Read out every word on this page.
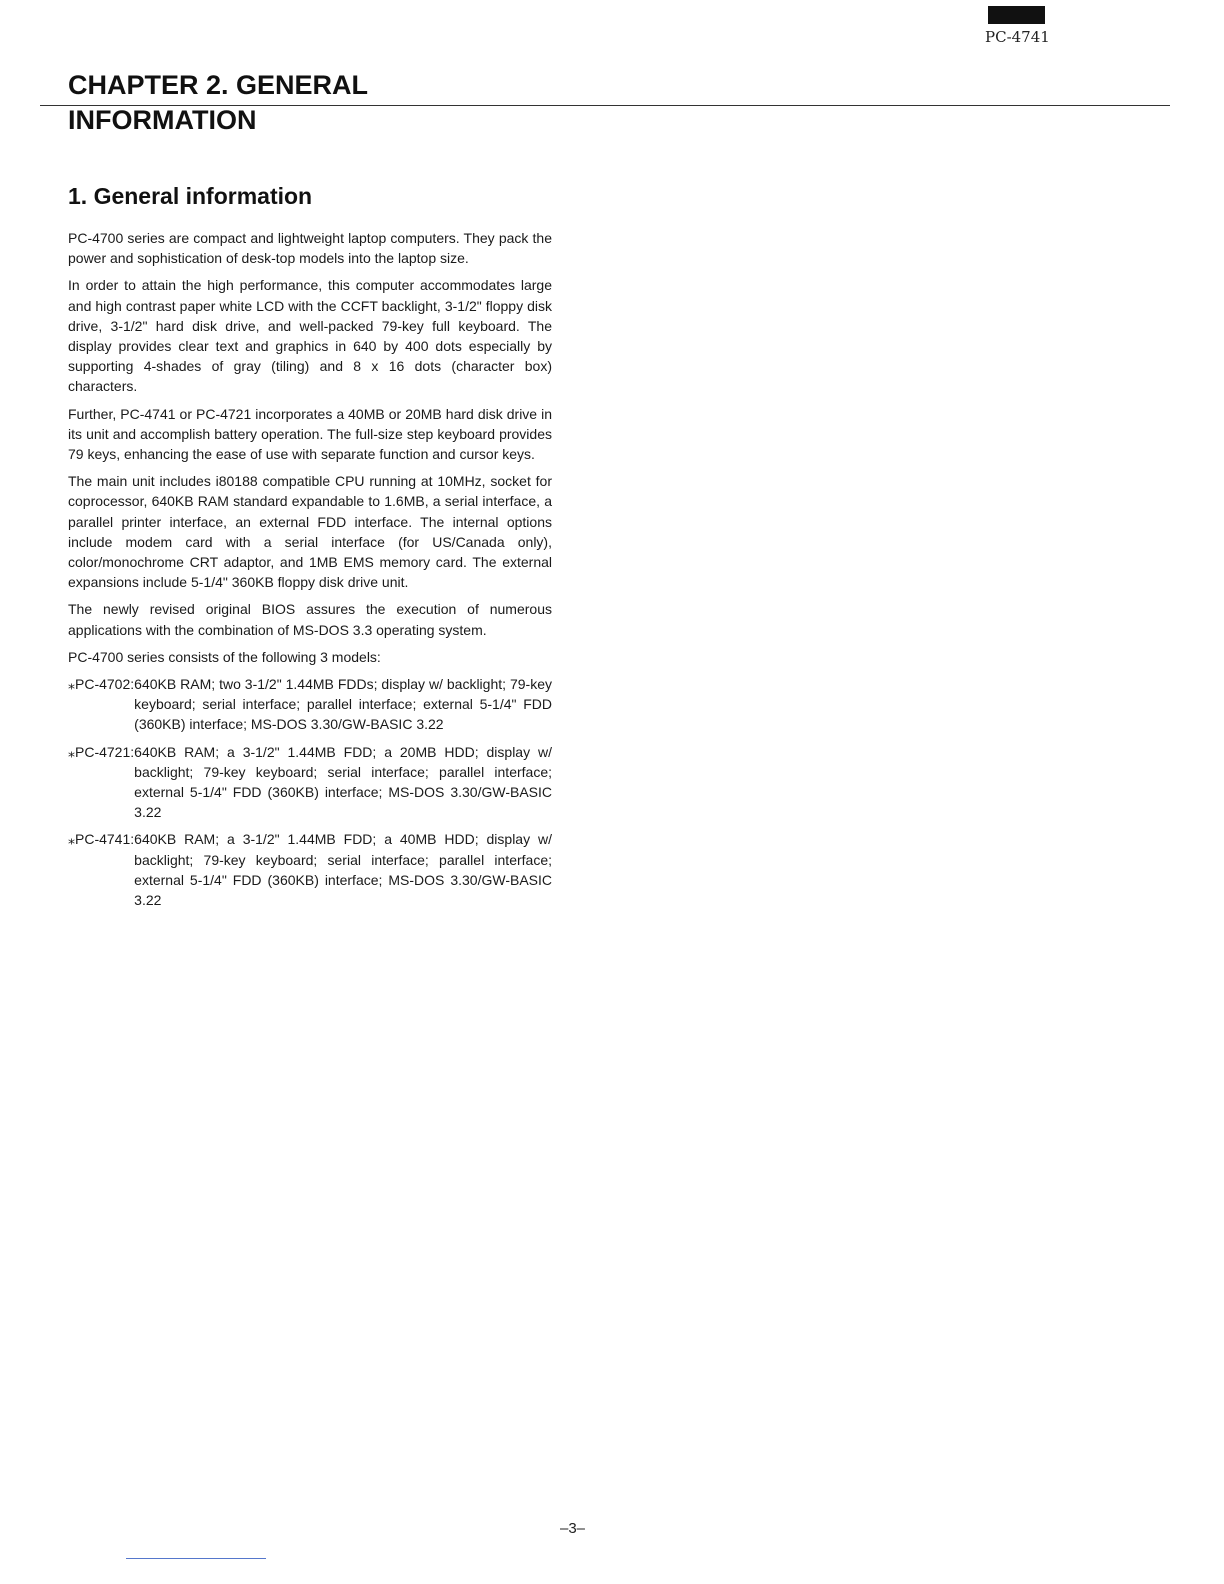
PC-4741
CHAPTER 2. GENERAL
INFORMATION
1. General information

PC-4700 series are compact and lightweight laptop computers. They pack the power and sophistication of desk-top models into the laptop size.

In order to attain the high performance, this computer accommodates large and high contrast paper white LCD with the CCFT backlight, 3-1/2" floppy disk drive, 3-1/2" hard disk drive, and well-packed 79-key full keyboard. The display provides clear text and graphics in 640 by 400 dots especially by supporting 4-shades of gray (tiling) and 8 x 16 dots (character box) characters.

Further, PC-4741 or PC-4721 incorporates a 40MB or 20MB hard disk drive in its unit and accomplish battery operation. The full-size step keyboard provides 79 keys, enhancing the ease of use with separate function and cursor keys.

The main unit includes i80188 compatible CPU running at 10MHz, socket for coprocessor, 640KB RAM standard expandable to 1.6MB, a serial interface, a parallel printer interface, an external FDD interface. The internal options include modem card with a serial interface (for US/Canada only), color/monochrome CRT adaptor, and 1MB EMS memory card. The external expansions include 5-1/4" 360KB floppy disk drive unit.

The newly revised original BIOS assures the execution of numerous applications with the combination of MS-DOS 3.3 operating system.

PC-4700 series consists of the following 3 models:

⁎PC-4702: 640KB RAM; two 3-1/2" 1.44MB FDDs; display w/ backlight; 79-key keyboard; serial interface; parallel interface; external 5-1/4" FDD (360KB) interface; MS-DOS 3.30/GW-BASIC 3.22
⁎PC-4721: 640KB RAM; a 3-1/2" 1.44MB FDD; a 20MB HDD; display w/ backlight; 79-key keyboard; serial interface; parallel interface; external 5-1/4" FDD (360KB) interface; MS-DOS 3.30/GW-BASIC 3.22
⁎PC-4741: 640KB RAM; a 3-1/2" 1.44MB FDD; a 40MB HDD; display w/ backlight; 79-key keyboard; serial interface; parallel interface; external 5-1/4" FDD (360KB) interface; MS-DOS 3.30/GW-BASIC 3.22
–3–
